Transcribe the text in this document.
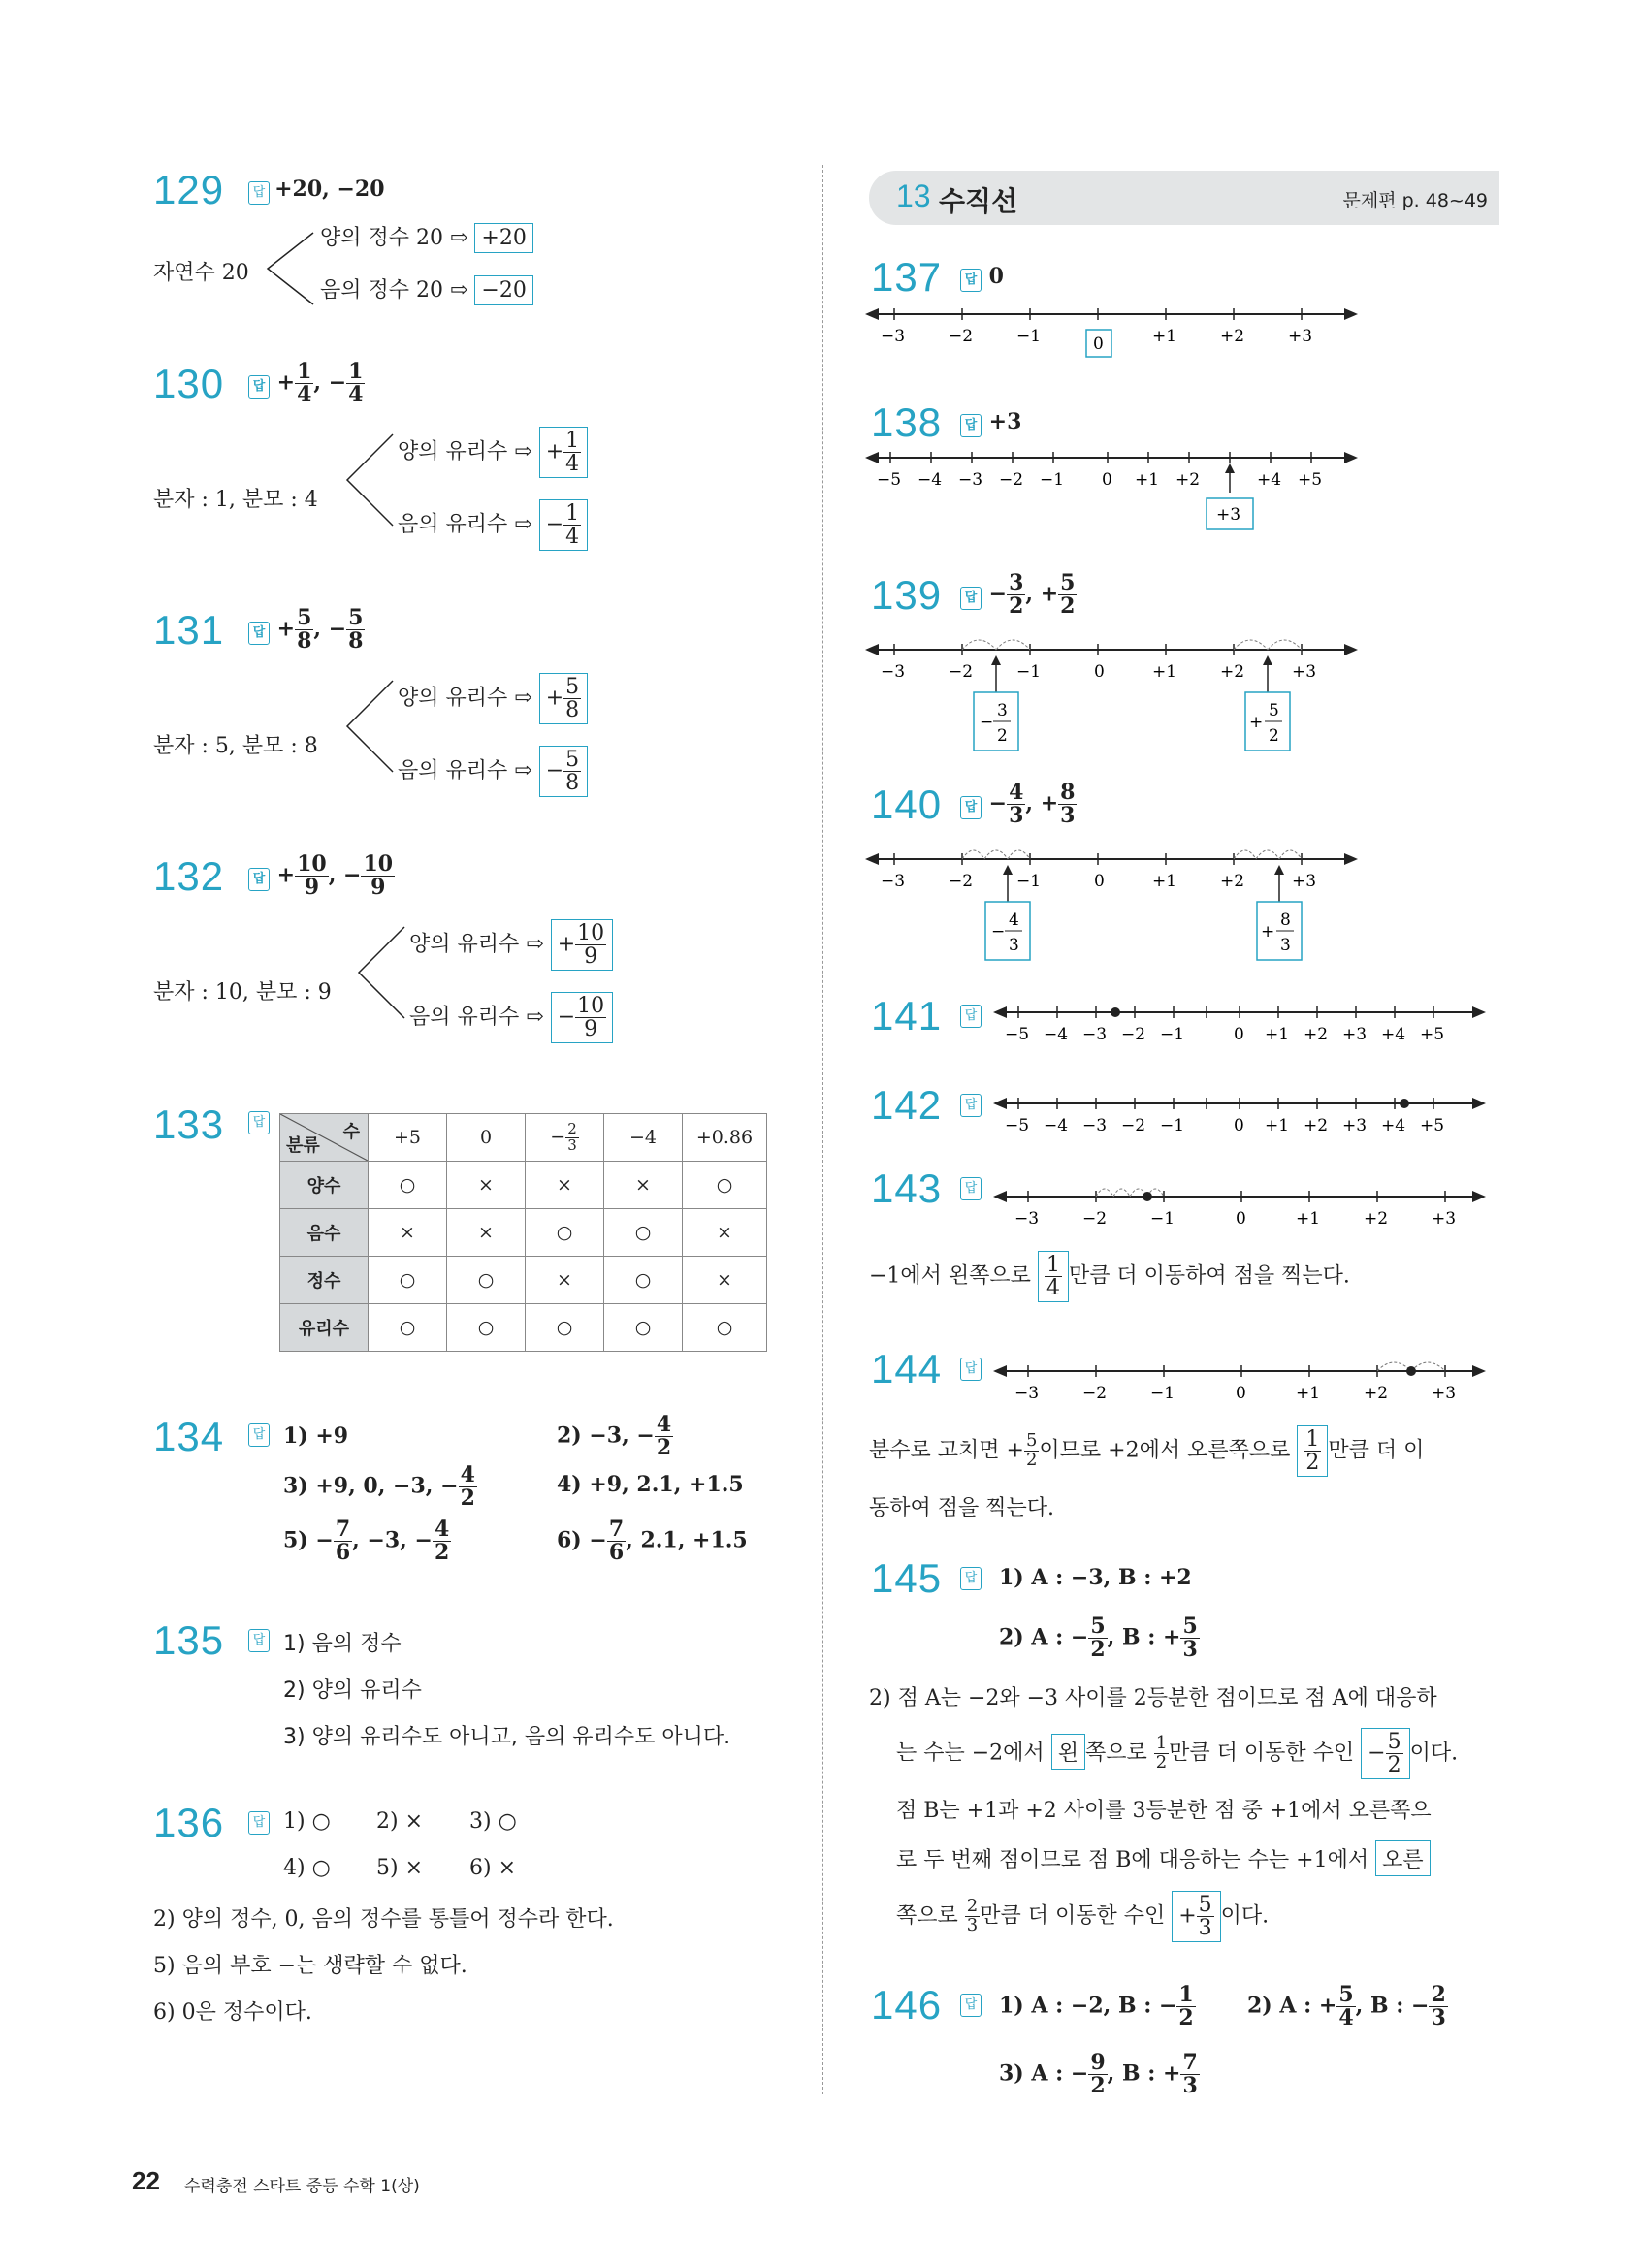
129	답 +20, −20
자연수 20
양의 정수 20 ⇨ +20
음의 정수 20 ⇨ −20
130	답 + $\frac{1}{4}$ , − $\frac{1}{4}$
분자 : 1, 분모 : 4
양의 유리수 ⇨ + $\frac{1}{4}$
음의 유리수 ⇨ − $\frac{1}{4}$
131	답 + $\frac{5}{8}$ , − $\frac{5}{8}$
분자 : 5, 분모 : 8
양의 유리수 ⇨ + $\frac{5}{8}$
음의 유리수 ⇨ − $\frac{5}{8}$
132	답 + $\frac{10}{9}$ , − $\frac{10}{9}$
분자 : 10, 분모 : 9
양의 유리수 ⇨ + $\frac{10}{9}$
음의 유리수 ⇨ − $\frac{10}{9}$
133	답	수
분류	+5	0	− $\frac{2}{3}$	−4	+0.86
양수	○	×	×	×	○
음수	×	×	○	○	×
정수	○	○	×	○	×
유리수	○	○	○	○	○
134	답 1) +9	2) −3, − $\frac{4}{2}$
3) +9, 0, −3, − $\frac{4}{2}$	4) +9, 2.1, +1.5
$5) - \frac{7}{6}$ , −3, − $\frac{4}{2}$	$6) - \frac{7}{6}$ , 2.1, +1.5
135	답 1) 음의 정수
2) 양의 유리수
3) 양의 유리수도 아니고, 음의 유리수도 아니다.
136	답 1) ○ 2) × 3) ○
4) ○ 5) × 6) ×
2) 양의 정수, 0, 음의 정수를 통틀어 정수라 한다.
5) 음의 부호 −는 생략할 수 없다.
6) 0은 정수이다.
13 수직선	문제편 p. 48~49
137	답 0
−3	−2	−1	+1	+2	+3
0
138	답 +3
−5 −4 −3 −2 −1 0 +1 +2	+4 +5
+3
139	답 − $\frac{3}{2}$ , + $\frac{5}{2}$
−3	−2	−1	0	+1	+2	+3
−
3
2
+
5
2
140	답 − $\frac{4}{3}$ , + $\frac{8}{3}$
−3	−2	−1	0	+1	+2	+3
−
4
3
+
8
3
141	답
−5 −4 −3 −2 −1	0 +1 +2 +3 +4 +5
142	답
−5 −4 −3 −2 −1	0 +1 +2 +3 +4 +5
143	답
−3	−2	−1	0	+1	+2	+3
−1에서 왼쪽으로 $\frac{1}{4}$ 만큼 더 이동하여 점을 찍는다.
144	답
−3	−2	−1	0	+1	+2	+3
분수로 고치면 + $\frac{5}{2}$ 이므로 +2에서 오른쪽으로 $\frac{1}{2}$ 만큼 더 이
동하여 점을 찍는다.
145	답 1) A : −3, B : +2
2) A : − $\frac{5}{2}$ , B : + $\frac{5}{3}$
2) 점 A는 −2와 −3 사이를 2등분한 점이므로 점 A에 대응하
는 수는 −2에서 왼 쪽으로 $\frac{1}{2}$ 만큼 더 이동한 수인 − $\frac{5}{2}$ 이다.
점 B는 +1과 +2 사이를 3등분한 점 중 +1에서 오른쪽으
로 두 번째 점이므로 점 B에 대응하는 수는 +1에서 오른
쪽으로 $\frac{2}{3}$ 만큼 더 이동한 수인 + $\frac{5}{3}$ 이다.
146	답 1) A : −2, B : − $\frac{1}{2} 2$) A : + $\frac{5}{4}$ , B : − $\frac{2}{3}$
3) A : − $\frac{9}{2}$ , B : + $\frac{7}{3}$
22 수력충전 스타트 중등 수학 1(상)
